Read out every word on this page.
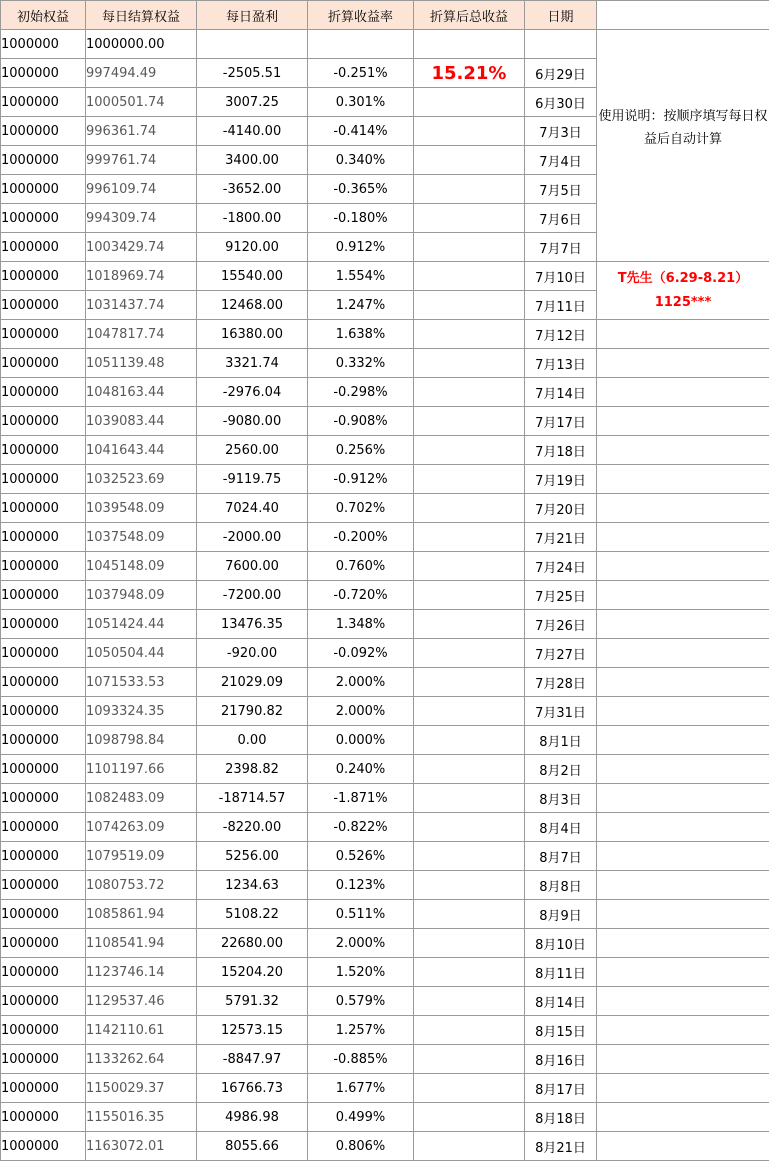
初始权益	每日结算权益	每日盈利	折算收益率	折算后总收益	日期	
1000000	1000000.00					
1000000	997494.49	-2505.51	-0.251%	15.21%	6月29日	
1000000	1000501.74	3007.25	0.301%		6月30日	
1000000	996361.74	-4140.00	-0.414%		7月3日	
1000000	999761.74	3400.00	0.340%		7月4日	
1000000	996109.74	-3652.00	-0.365%		7月5日	
1000000	994309.74	-1800.00	-0.180%		7月6日	
1000000	1003429.74	9120.00	0.912%		7月7日	
1000000	1018969.74	15540.00	1.554%		7月10日	
1000000	1031437.74	12468.00	1.247%		7月11日	
1000000	1047817.74	16380.00	1.638%		7月12日	
1000000	1051139.48	3321.74	0.332%		7月13日	
1000000	1048163.44	-2976.04	-0.298%		7月14日	
1000000	1039083.44	-9080.00	-0.908%		7月17日	
1000000	1041643.44	2560.00	0.256%		7月18日	
1000000	1032523.69	-9119.75	-0.912%		7月19日	
1000000	1039548.09	7024.40	0.702%		7月20日	
1000000	1037548.09	-2000.00	-0.200%		7月21日	
1000000	1045148.09	7600.00	0.760%		7月24日	
1000000	1037948.09	-7200.00	-0.720%		7月25日	
1000000	1051424.44	13476.35	1.348%		7月26日	
1000000	1050504.44	-920.00	-0.092%		7月27日	
1000000	1071533.53	21029.09	2.000%		7月28日	
1000000	1093324.35	21790.82	2.000%		7月31日	
1000000	1098798.84	0.00	0.000%		8月1日	
1000000	1101197.66	2398.82	0.240%		8月2日	
1000000	1082483.09	-18714.57	-1.871%		8月3日	
1000000	1074263.09	-8220.00	-0.822%		8月4日	
1000000	1079519.09	5256.00	0.526%		8月7日	
1000000	1080753.72	1234.63	0.123%		8月8日	
1000000	1085861.94	5108.22	0.511%		8月9日	
1000000	1108541.94	22680.00	2.000%		8月10日	
1000000	1123746.14	15204.20	1.520%		8月11日	
1000000	1129537.46	5791.32	0.579%		8月14日	
1000000	1142110.61	12573.15	1.257%		8月15日	
1000000	1133262.64	-8847.97	-0.885%		8月16日	
1000000	1150029.37	16766.73	1.677%		8月17日	
1000000	1155016.35	4986.98	0.499%		8月18日	
1000000	1163072.01	8055.66	0.806%		8月21日	
使用说明：按顺序填写每日权益后自动计算
T先生（6.29-8.21）
1125***
